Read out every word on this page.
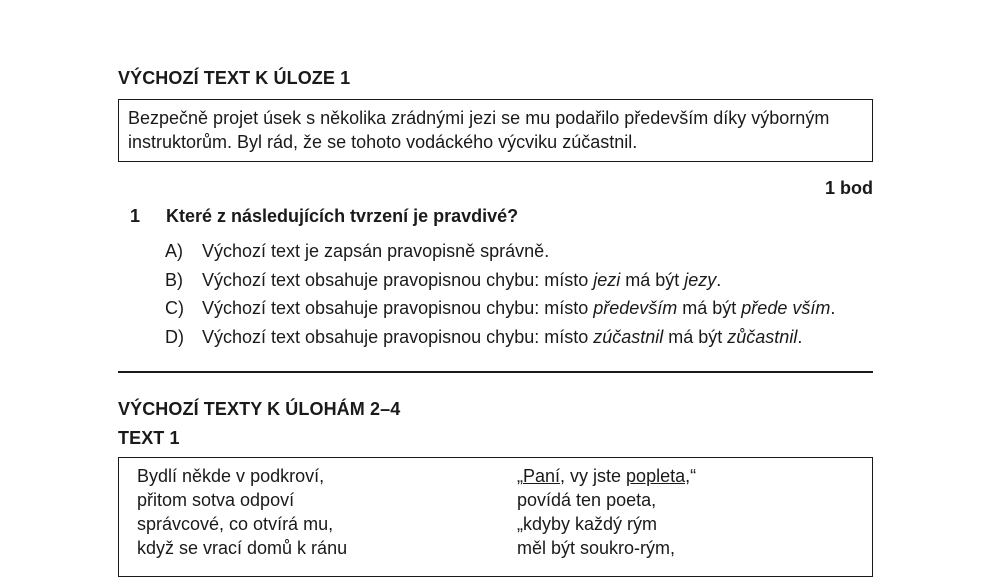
VÝCHOZÍ TEXT K ÚLOZE 1
Bezpečně projet úsek s několika zrádnými jezi se mu podařilo především díky výborným
instruktorům. Byl rád, že se tohoto vodáckého výcviku zúčastnil.
1 bod
1 Které z následujících tvrzení je pravdivé?
A) Výchozí text je zapsán pravopisně správně.
B) Výchozí text obsahuje pravopisnou chybu: místo jezi má být jezy.
C) Výchozí text obsahuje pravopisnou chybu: místo především má být přede vším.
D) Výchozí text obsahuje pravopisnou chybu: místo zúčastnil má být zůčastnil.
VÝCHOZÍ TEXTY K ÚLOHÁM 2–4
TEXT 1
Bydlí někde v podkroví,
přitom sotva odpoví
správcové, co otvírá mu,
když se vrací domů k ránu
„Paní, vy jste popleta,“
povídá ten poeta,
„kdyby každý rým
měl být soukro-rým,
